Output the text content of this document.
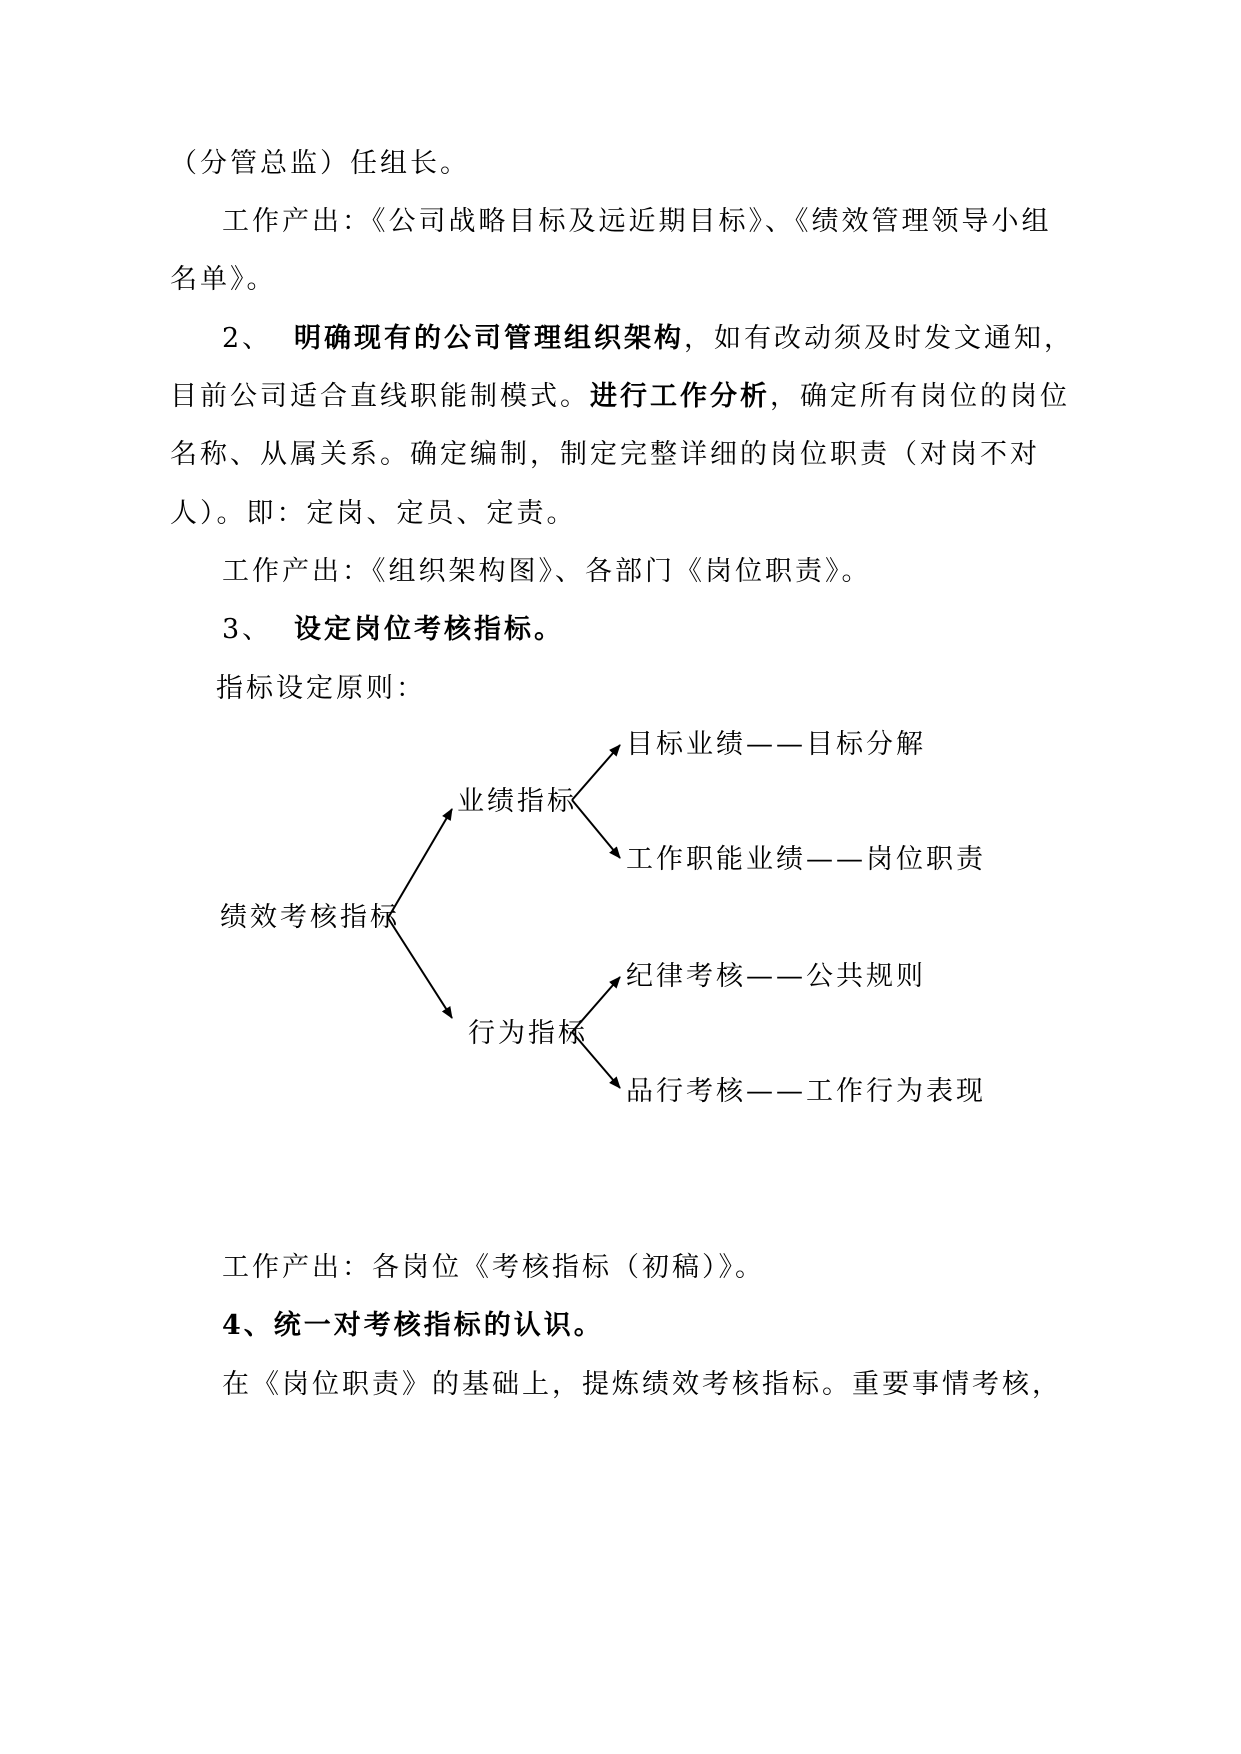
（分管总监）任组长。
工作产出：《公司战略目标及远近期目标》、《绩效管理领导小组
名单》。
2、 明确现有的公司管理组织架构，如有改动须及时发文通知，
目前公司适合直线职能制模式。进行工作分析，确定所有岗位的岗位
名称、从属关系。确定编制，制定完整详细的岗位职责（对岗不对
人）。即：定岗、定员、定责。
工作产出：《组织架构图》、各部门《岗位职责》。
3、 设定岗位考核指标。
指标设定原则：
绩效考核指标
业绩指标
行为指标
目标业绩——目标分解
工作职能业绩——岗位职责
纪律考核——公共规则
品行考核——工作行为表现
工作产出：各岗位《考核指标（初稿）》。
4、统一对考核指标的认识。
在《岗位职责》的基础上，提炼绩效考核指标。重要事情考核，
